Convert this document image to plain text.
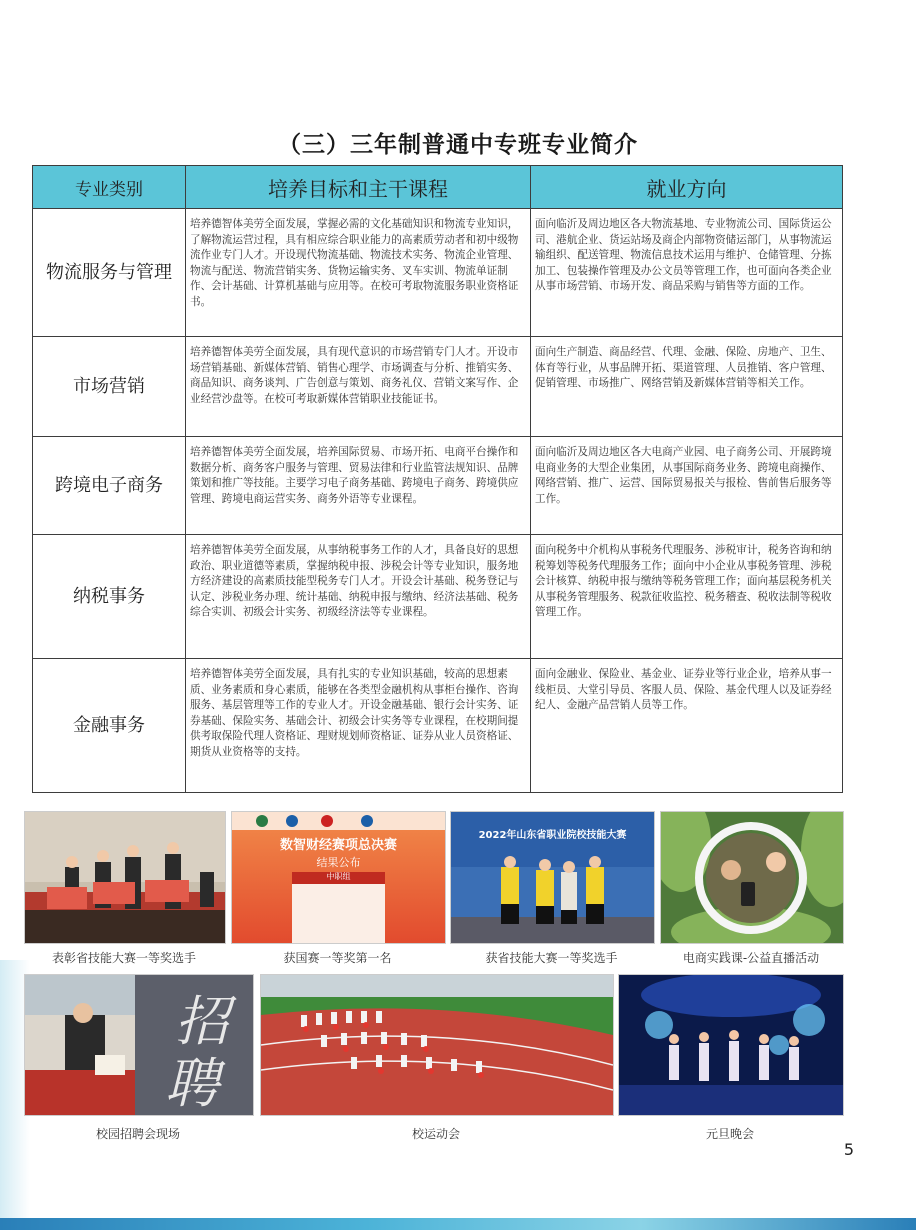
（三）三年制普通中专班专业简介
专业类别	培养目标和主干课程	就业方向
物流服务与管理	培养德智体美劳全面发展，掌握必需的文化基础知识和物流专业知识，了解物流运营过程，具有相应综合职业能力的高素质劳动者和初中级物流作业专门人才。开设现代物流基础、物流技术实务、物流企业管理、物流与配送、物流营销实务、货物运输实务、叉车实训、物流单证制作、会计基础、计算机基础与应用等。在校可考取物流服务职业资格证书。	面向临沂及周边地区各大物流基地、专业物流公司、国际货运公司、港航企业、货运站场及商企内部物资储运部门，从事物流运输组织、配送管理、物流信息技术运用与维护、仓储管理、分拣加工、包装操作管理及办公文员等管理工作，也可面向各类企业从事市场营销、市场开发、商品采购与销售等方面的工作。
市场营销	培养德智体美劳全面发展，具有现代意识的市场营销专门人才。开设市场营销基础、新媒体营销、销售心理学、市场调查与分析、推销实务、商品知识、商务谈判、广告创意与策划、商务礼仪、营销文案写作、企业经营沙盘等。在校可考取新媒体营销职业技能证书。	面向生产制造、商品经营、代理、金融、保险、房地产、卫生、体育等行业，从事品牌开拓、渠道管理、人员推销、客户管理、促销管理、市场推广、网络营销及新媒体营销等相关工作。
跨境电子商务	培养德智体美劳全面发展，培养国际贸易、市场开拓、电商平台操作和数据分析、商务客户服务与管理、贸易法律和行业监管法规知识、品牌策划和推广等技能。主要学习电子商务基础、跨境电子商务、跨境供应管理、跨境电商运营实务、商务外语等专业课程。	面向临沂及周边地区各大电商产业园、电子商务公司、开展跨境电商业务的大型企业集团，从事国际商务业务、跨境电商操作、网络营销、推广、运营、国际贸易报关与报检、售前售后服务等工作。
纳税事务	培养德智体美劳全面发展，从事纳税事务工作的人才，具备良好的思想政治、职业道德等素质，掌握纳税申报、涉税会计等专业知识，服务地方经济建设的高素质技能型税务专门人才。开设会计基础、税务登记与认定、涉税业务办理、统计基础、纳税申报与缴纳、经济法基础、税务综合实训、初级会计实务、初级经济法等专业课程。	面向税务中介机构从事税务代理服务、涉税审计，税务咨询和纳税筹划等税务代理服务工作；面向中小企业从事税务管理、涉税会计核算、纳税申报与缴纳等税务管理工作；面向基层税务机关从事税务管理服务、税款征收监控、税务稽查、税收法制等税收管理工作。
金融事务	培养德智体美劳全面发展，具有扎实的专业知识基础，较高的思想素质、业务素质和身心素质，能够在各类型金融机构从事柜台操作、咨询服务、基层管理等工作的专业人才。开设金融基础、银行会计实务、证券基础、保险实务、基础会计、初级会计实务等专业课程，在校期间提供考取保险代理人资格证、理财规划师资格证、证券从业人员资格证、期货从业资格等的支持。	面向金融业、保险业、基金业、证券业等行业企业，培养从事一线柜员、大堂引导员、客服人员、保险、基金代理人以及证券经纪人、金融产品营销人员等工作。
表彰省技能大赛一等奖选手
数智财经赛项总决赛
结果公布
中职组
获国赛一等奖第一名
2022年山东省职业院校技能大赛
获省技能大赛一等奖选手	电商实践课-公益直播活动
招
聘
校园招聘会现场	校运动会	元旦晚会
5
